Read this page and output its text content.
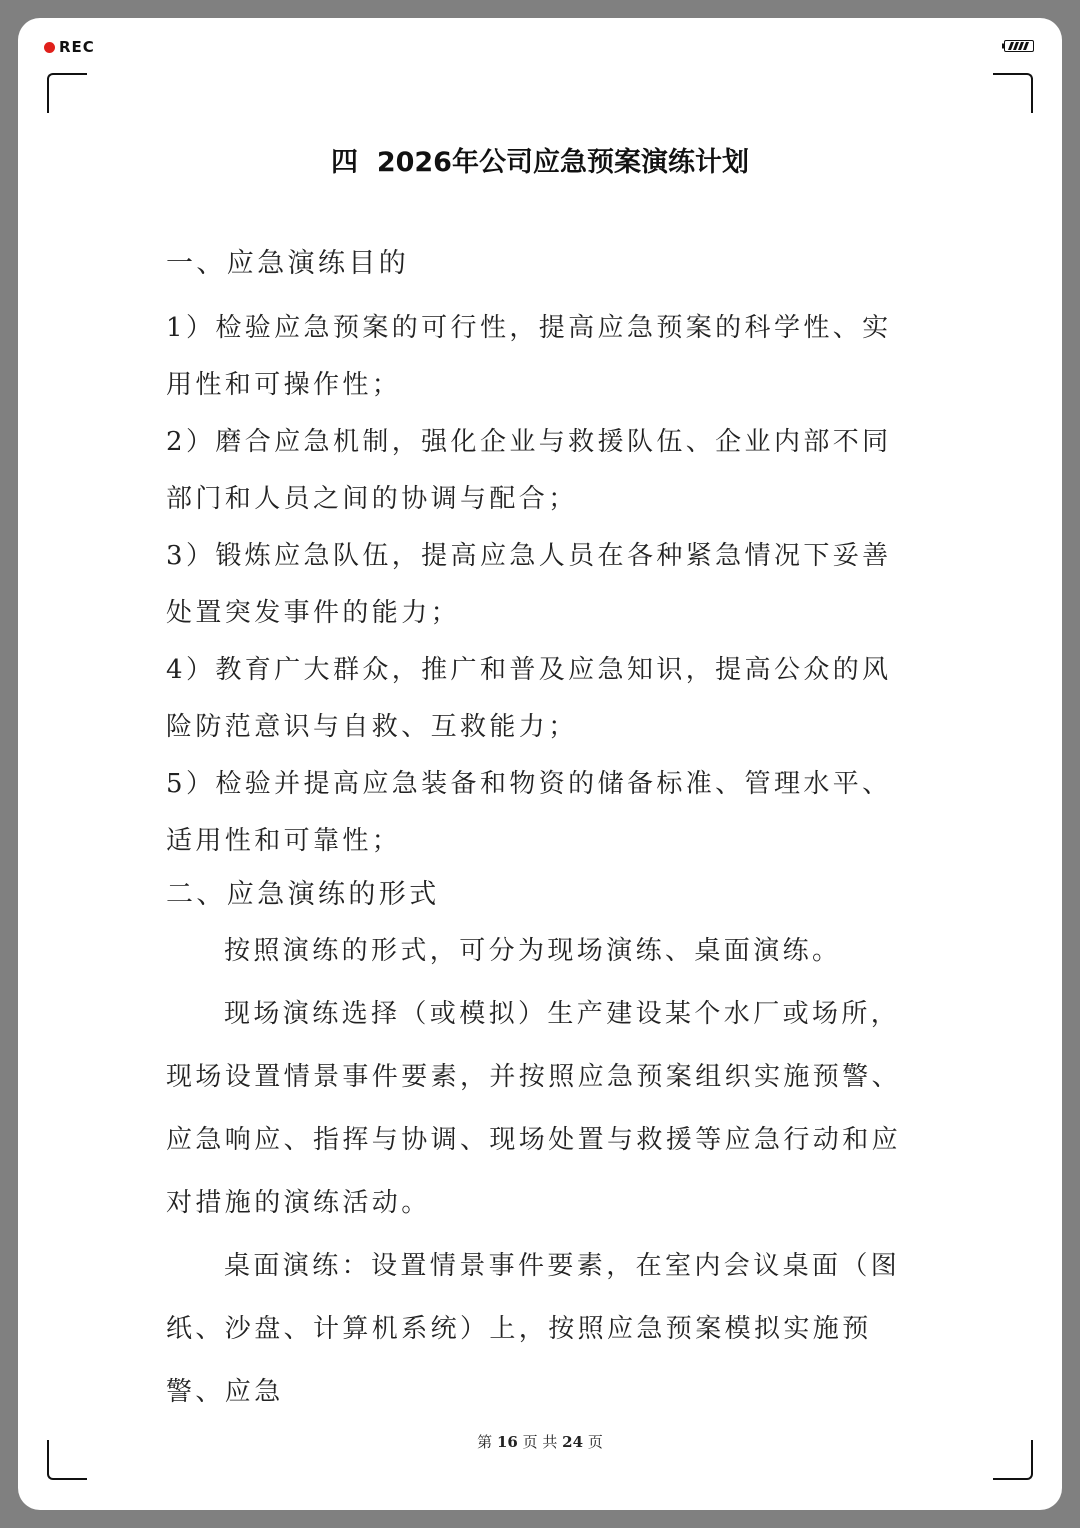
REC
四  2026年公司应急预案演练计划
一、应急演练目的

1）检验应急预案的可行性，提高应急预案的科学性、实用性和可操作性；

2）磨合应急机制，强化企业与救援队伍、企业内部不同部门和人员之间的协调与配合；

3）锻炼应急队伍，提高应急人员在各种紧急情况下妥善处置突发事件的能力；

4）教育广大群众，推广和普及应急知识，提高公众的风险防范意识与自救、互救能力；

5）检验并提高应急装备和物资的储备标准、管理水平、适用性和可靠性；

二、应急演练的形式

按照演练的形式，可分为现场演练、桌面演练。

现场演练选择（或模拟）生产建设某个水厂或场所，现场设置情景事件要素，并按照应急预案组织实施预警、应急响应、指挥与协调、现场处置与救援等应急行动和应对措施的演练活动。

桌面演练：设置情景事件要素，在室内会议桌面（图纸、沙盘、计算机系统）上，按照应急预案模拟实施预警、应急

第 16 页 共 24 页
